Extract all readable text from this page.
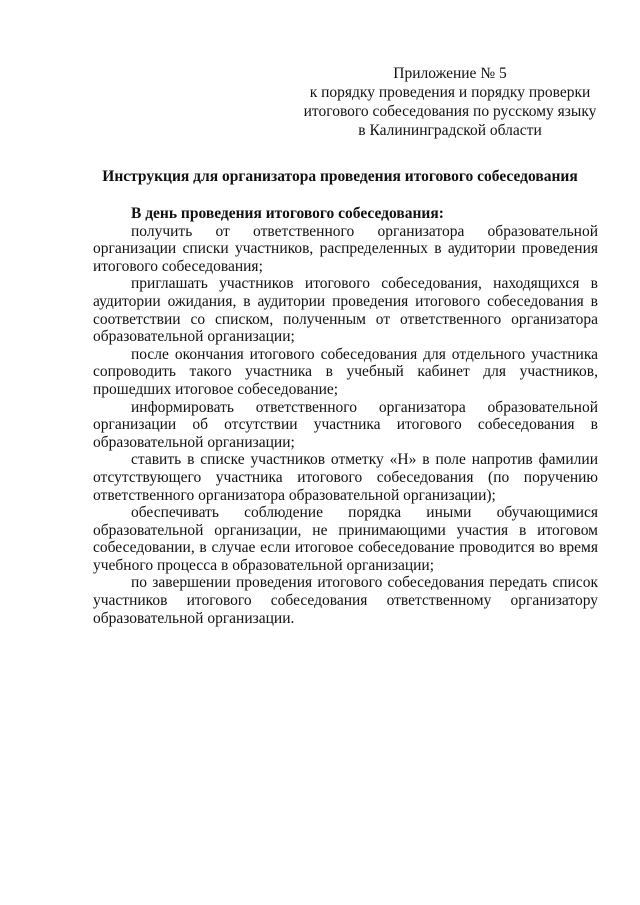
Приложение № 5
к порядку проведения и порядку проверки
итогового собеседования по русскому языку
в Калининградской области
Инструкция для организатора проведения итогового собеседования
В день проведения итогового собеседования:

получить от ответственного организатора образовательной организации списки участников, распределенных в аудитории проведения итогового собеседования;

приглашать участников итогового собеседования, находящихся в аудитории ожидания, в аудитории проведения итогового собеседования в соответствии со списком, полученным от ответственного организатора образовательной организации;

после окончания итогового собеседования для отдельного участника сопроводить такого участника в учебный кабинет для участников, прошедших итоговое собеседование;

информировать ответственного организатора образовательной организации об отсутствии участника итогового собеседования в образовательной организации;

ставить в списке участников отметку «Н» в поле напротив фамилии отсутствующего участника итогового собеседования (по поручению ответственного организатора образовательной организации);

обеспечивать соблюдение порядка иными обучающимися образовательной организации, не принимающими участия в итоговом собеседовании, в случае если итоговое собеседование проводится во время учебного процесса в образовательной организации;

по завершении проведения итогового собеседования передать список участников итогового собеседования ответственному организатору образовательной организации.
